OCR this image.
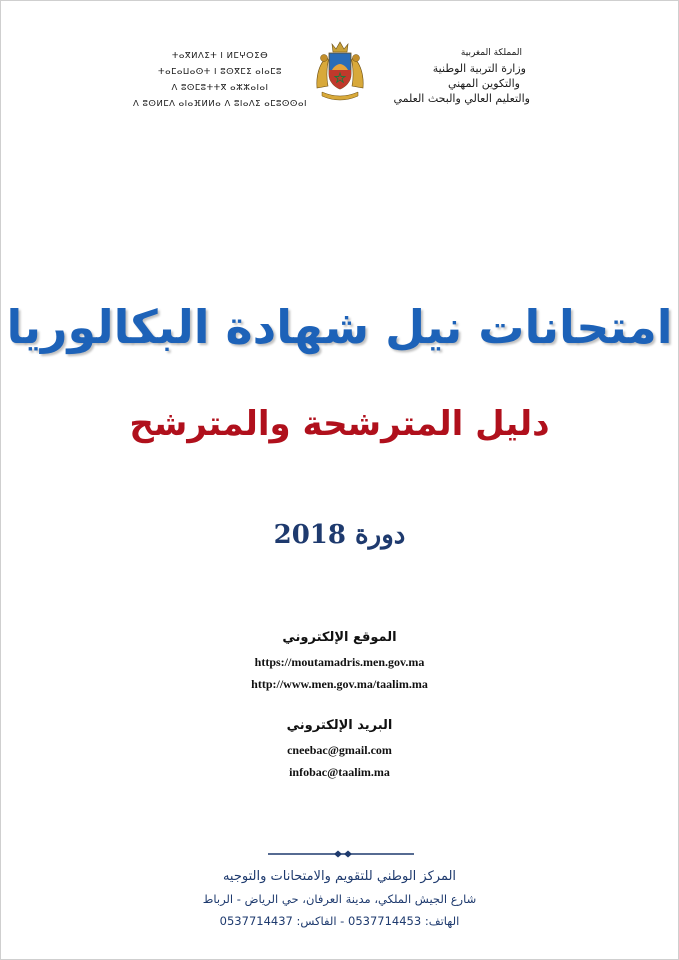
ⵜⴰⴳⵍⴷⵉⵜ ⵏ ⵍⵎⵖⵔⵉⴱ
ⵜⴰⵎⴰⵡⴰⵙⵜ ⵏ ⵓⵙⴳⵎⵉ ⴰⵏⴰⵎⵓ
ⴷ ⵓⵙⵎⵓⵜⵜⴳ ⴰⵣⵣⴰⵏⴰⵏ
ⴷ ⵓⵙⵍⵎⴷ ⴰⵏⴰⴼⵍⵍⴰ ⴷ ⵓⵏⴰⴷⵉ ⴰⵎⵓⵙⵙⴰⵏ
المملكة المغربية
وزارة التربية الوطنية
والتكوين المهني
والتعليم العالي والبحث العلمي
امتحانات نيل شهادة البكالوريا
دليل المترشحة والمترشح
دورة 2018
الموقع الإلكتروني
https://moutamadris.men.gov.ma
http://www.men.gov.ma/taalim.ma
البريد الإلكتروني
cneebac@gmail.com
infobac@taalim.ma
المركز الوطني للتقويم والامتحانات والتوجيه
شارع الجيش الملكي، مدينة العرفان، حي الرياض - الرباط
الهاتف: 0537714453 - الفاكس: 0537714437
